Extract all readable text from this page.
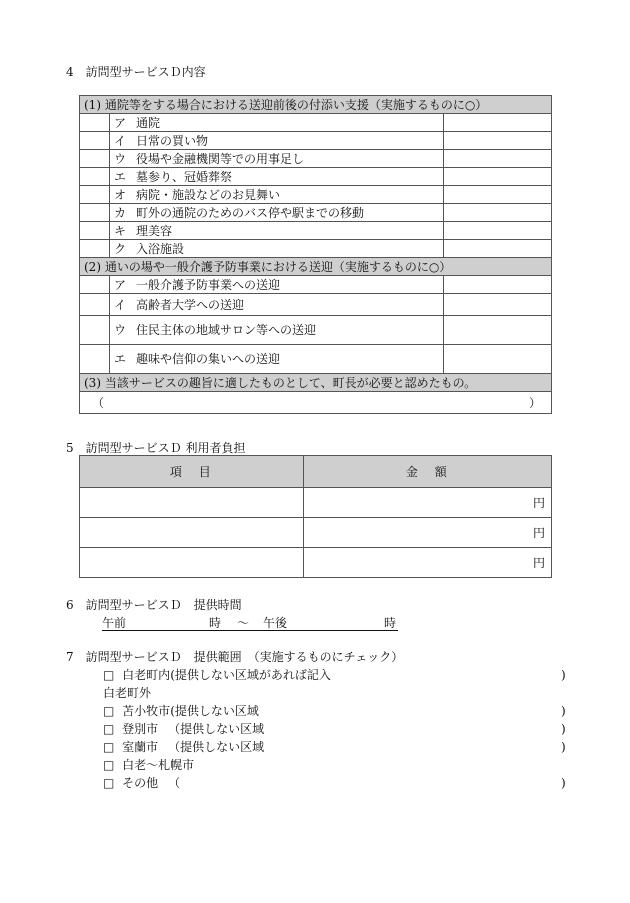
4　訪問型サービスＤ内容
(1) 通院等をする場合における送迎前後の付添い支援（実施するものに○）		
	ア 通院	
	イ 日常の買い物	
	ウ 役場や金融機関等での用事足し	
	エ 墓参り、冠婚葬祭	
	オ 病院・施設などのお見舞い	
	カ 町外の通院のためのバス停や駅までの移動	
	キ 理美容	
	ク 入浴施設	
(2) 通いの場や一般介護予防事業における送迎（実施するものに○）		
	ア 一般介護予防事業への送迎	
	イ 高齢者大学への送迎	
	ウ 住民主体の地域サロン等への送迎	
	エ 趣味や信仰の集いへの送迎	
(3) 当該サービスの趣旨に適したものとして、町長が必要と認めたもの。		
（ ）		
5　訪問型サービスＤ 利用者負担
項　目	金　額
	円
	円
	円
6　訪問型サービスＤ　提供時間
午前	時 ～ 午後	時
7　訪問型サービスＤ　提供範囲　（実施するものにチェック）
□ 白老町内(提供しない区域があれば記入	)
白老町外
□ 苫小牧市(提供しない区域	)
□ 登別市 （提供しない区域	)
□ 室蘭市 （提供しない区域	)
□ 白老～札幌市
□ その他 （	)
